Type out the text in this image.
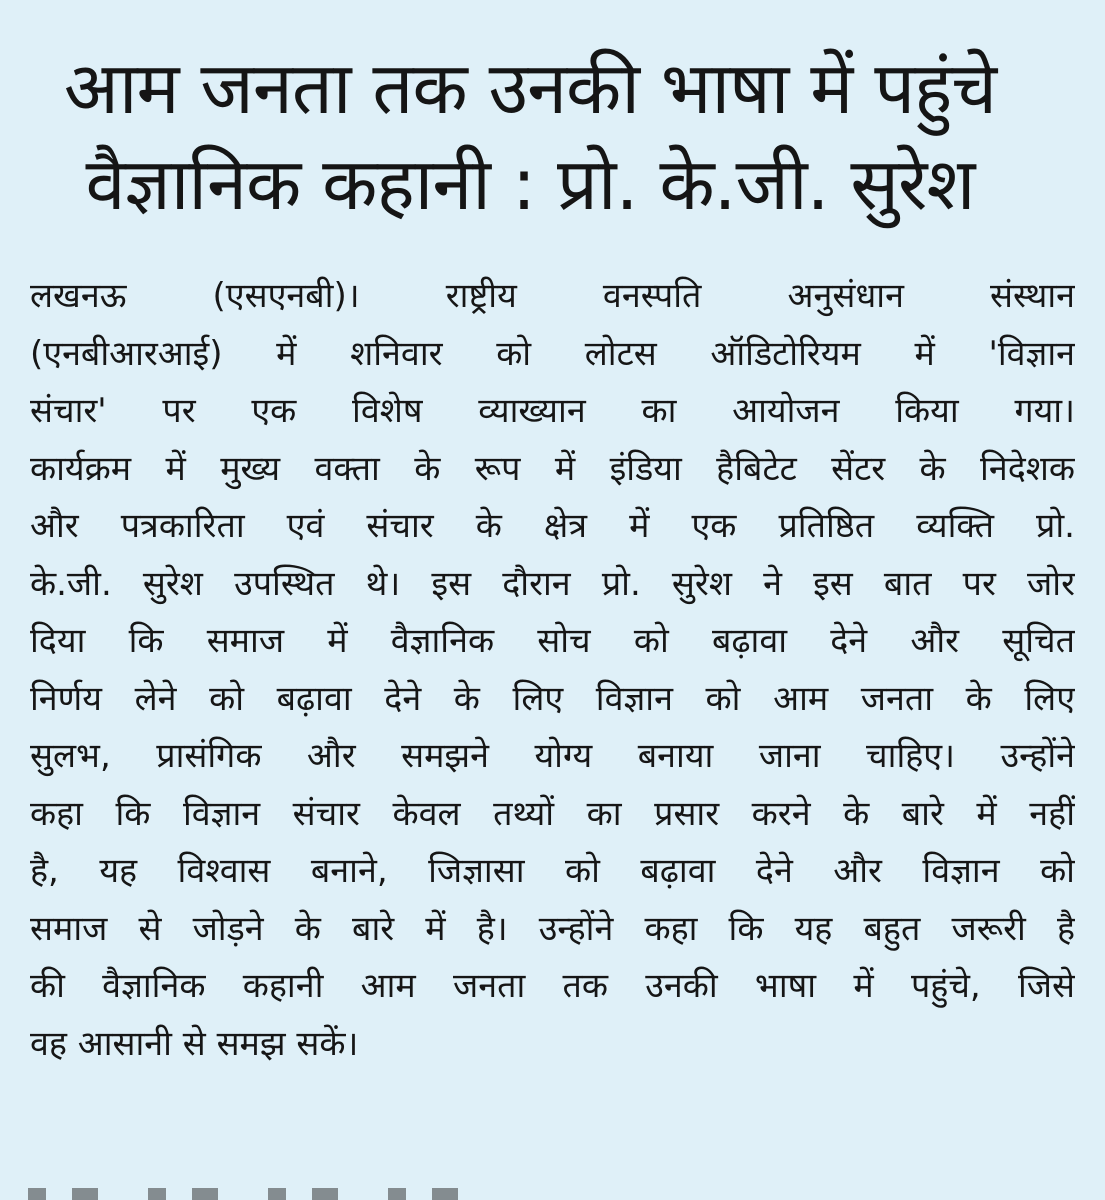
आम जनता तक उनकी भाषा में पहुंचे
वैज्ञानिक कहानी : प्रो. के.जी. सुरेश
लखनऊ (एसएनबी)। राष्ट्रीय वनस्पति अनुसंधान संस्थान
(एनबीआरआई) में शनिवार को लोटस ऑडिटोरियम में 'विज्ञान
संचार' पर एक विशेष व्याख्यान का आयोजन किया गया।
कार्यक्रम में मुख्य वक्ता के रूप में इंडिया हैबिटेट सेंटर के निदेशक
और पत्रकारिता एवं संचार के क्षेत्र में एक प्रतिष्ठित व्यक्ति प्रो.
के.जी. सुरेश उपस्थित थे। इस दौरान प्रो. सुरेश ने इस बात पर जोर
दिया कि समाज में वैज्ञानिक सोच को बढ़ावा देने और सूचित
निर्णय लेने को बढ़ावा देने के लिए विज्ञान को आम जनता के लिए
सुलभ, प्रासंगिक और समझने योग्य बनाया जाना चाहिए। उन्होंने
कहा कि विज्ञान संचार केवल तथ्यों का प्रसार करने के बारे में नहीं
है, यह विश्वास बनाने, जिज्ञासा को बढ़ावा देने और विज्ञान को
समाज से जोड़ने के बारे में है। उन्होंने कहा कि यह बहुत जरूरी है
की वैज्ञानिक कहानी आम जनता तक उनकी भाषा में पहुंचे, जिसे
वह आसानी से समझ सकें।
